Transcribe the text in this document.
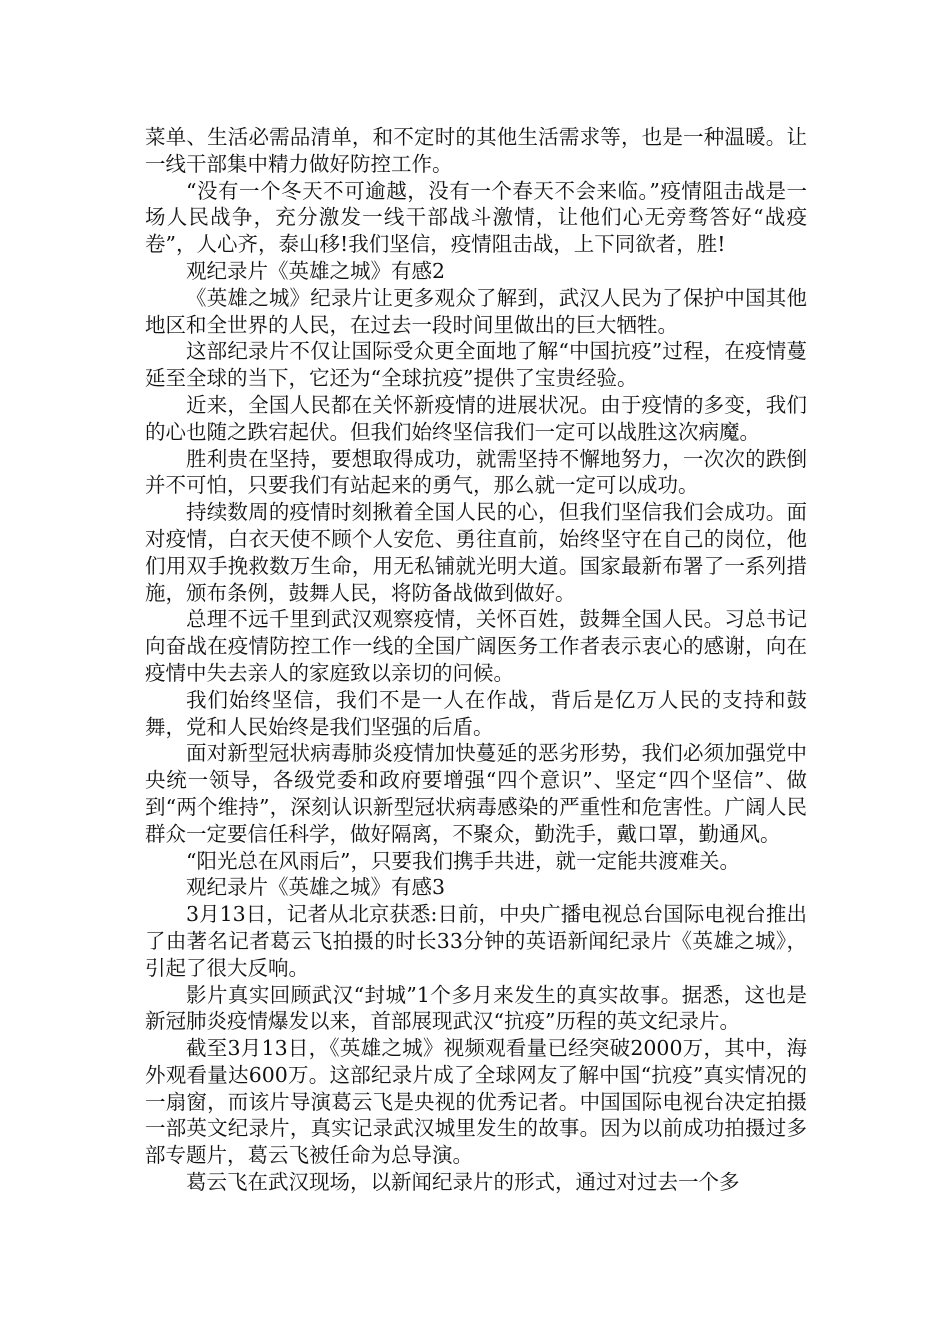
菜单、生活必需品清单，和不定时的其他生活需求等，也是一种温暖。让一线干部集中精力做好防控工作。

“没有一个冬天不可逾越，没有一个春天不会来临。”疫情阻击战是一场人民战争，充分激发一线干部战斗激情，让他们心无旁骛答好“战疫卷”，人心齐，泰山移!我们坚信，疫情阻击战，上下同欲者，胜!

观纪录片《英雄之城》有感2

《英雄之城》纪录片让更多观众了解到，武汉人民为了保护中国其他地区和全世界的人民，在过去一段时间里做出的巨大牺牲。

这部纪录片不仅让国际受众更全面地了解“中国抗疫”过程，在疫情蔓延至全球的当下，它还为“全球抗疫”提供了宝贵经验。

近来，全国人民都在关怀新疫情的进展状况。由于疫情的多变，我们的心也随之跌宕起伏。但我们始终坚信我们一定可以战胜这次病魔。

胜利贵在坚持，要想取得成功，就需坚持不懈地努力，一次次的跌倒并不可怕，只要我们有站起来的勇气，那么就一定可以成功。

持续数周的疫情时刻揪着全国人民的心，但我们坚信我们会成功。面对疫情，白衣天使不顾个人安危、勇往直前，始终坚守在自己的岗位，他们用双手挽救数万生命，用无私铺就光明大道。国家最新布署了一系列措施，颁布条例，鼓舞人民，将防备战做到做好。

总理不远千里到武汉观察疫情，关怀百姓，鼓舞全国人民。习总书记向奋战在疫情防控工作一线的全国广阔医务工作者表示衷心的感谢，向在疫情中失去亲人的家庭致以亲切的问候。

我们始终坚信，我们不是一人在作战，背后是亿万人民的支持和鼓舞，党和人民始终是我们坚强的后盾。

面对新型冠状病毒肺炎疫情加快蔓延的恶劣形势，我们必须加强党中央统一领导，各级党委和政府要增强“四个意识”、坚定“四个坚信”、做到“两个维持”，深刻认识新型冠状病毒感染的严重性和危害性。广阔人民群众一定要信任科学，做好隔离，不聚众，勤洗手，戴口罩，勤通风。

“阳光总在风雨后”，只要我们携手共进，就一定能共渡难关。

观纪录片《英雄之城》有感3

3月13日，记者从北京获悉:日前，中央广播电视总台国际电视台推出了由著名记者葛云飞拍摄的时长33分钟的英语新闻纪录片《英雄之城》，引起了很大反响。

影片真实回顾武汉“封城”1个多月来发生的真实故事。据悉，这也是新冠肺炎疫情爆发以来，首部展现武汉“抗疫”历程的英文纪录片。

截至3月13日，《英雄之城》视频观看量已经突破2000万，其中，海外观看量达600万。这部纪录片成了全球网友了解中国“抗疫”真实情况的一扇窗，而该片导演葛云飞是央视的优秀记者。中国国际电视台决定拍摄一部英文纪录片，真实记录武汉城里发生的故事。因为以前成功拍摄过多部专题片，葛云飞被任命为总导演。

葛云飞在武汉现场，以新闻纪录片的形式，通过对过去一个多
